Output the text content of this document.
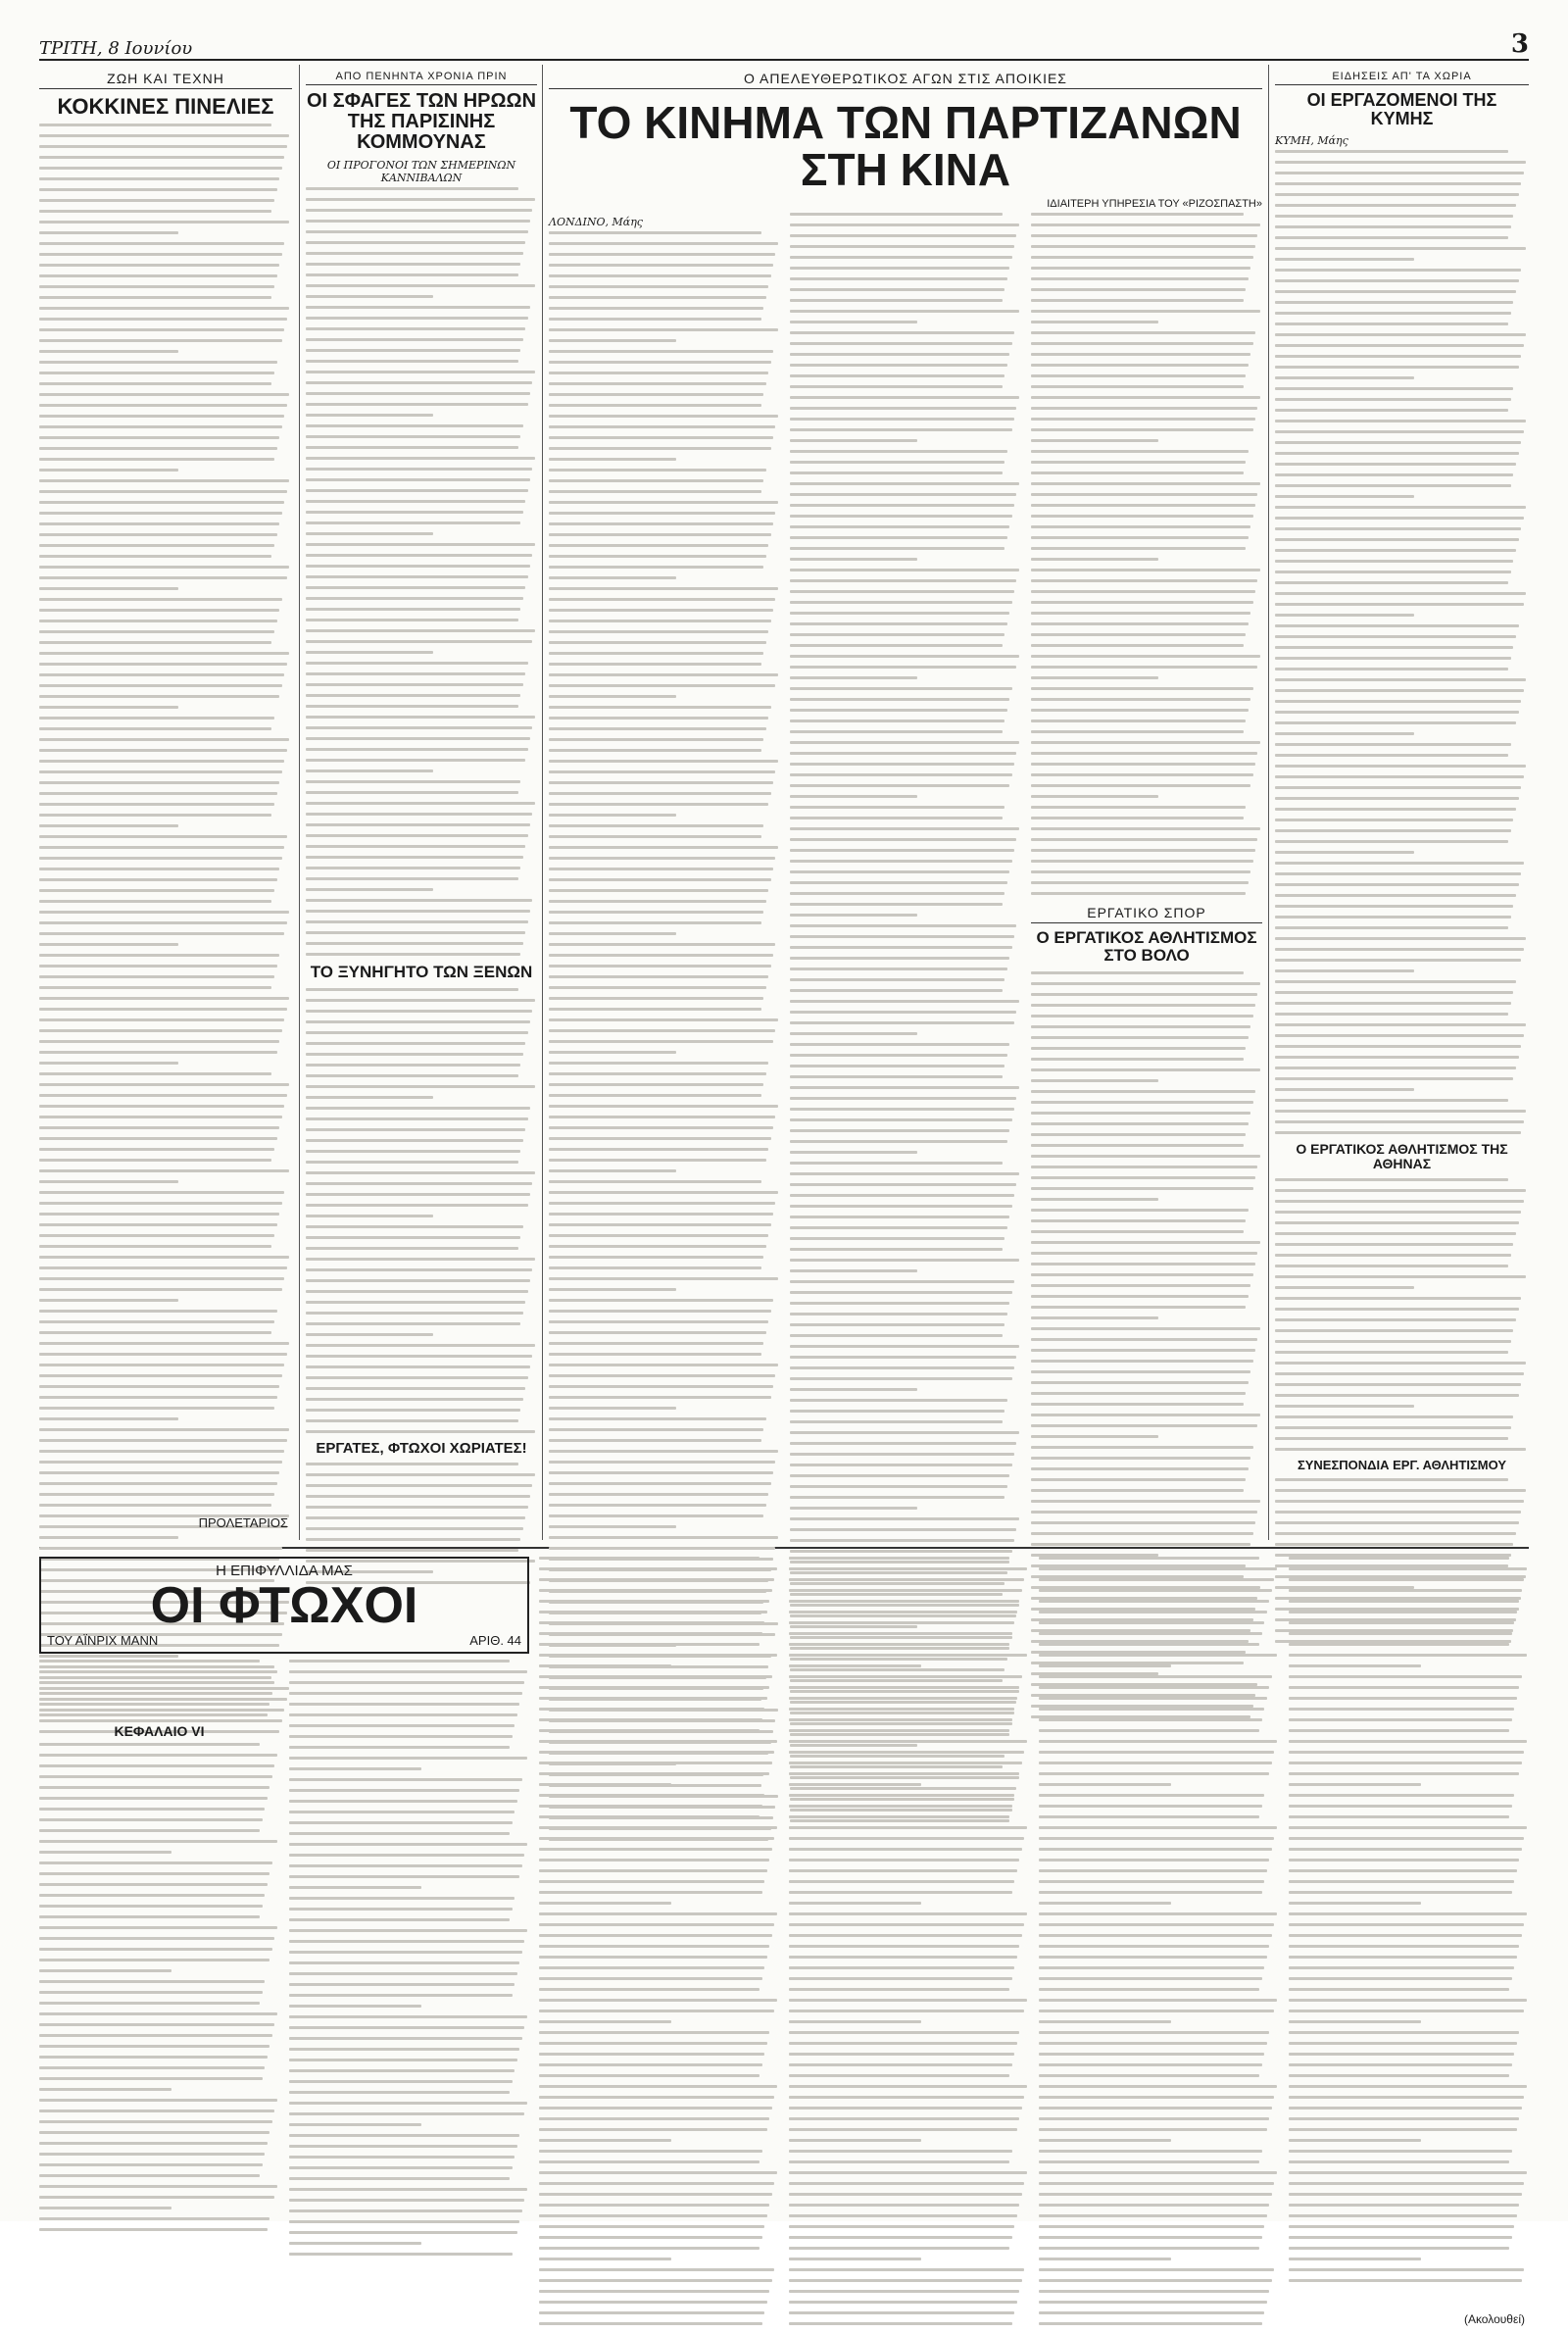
ΤΡΙΤΗ, 8 Ιουνίου	3
ΖΩΗ ΚΑΙ ΤΕΧΝΗ
ΚΟΚΚΙΝΕΣ ΠΙΝΕΛΙΕΣ
ΠΡΟΛΕΤΑΡΙΟΣ
ΑΠΟ ΠΕΝΗΝΤΑ ΧΡΟΝΙΑ ΠΡΙΝ
ΟΙ ΣΦΑΓΕΣ ΤΩΝ ΗΡΩΩΝ ΤΗΣ ΠΑΡΙΣΙΝΗΣ ΚΟΜΜΟΥΝΑΣ
ΟΙ ΠΡΟΓΟΝΟΙ ΤΩΝ ΣΗΜΕΡΙΝΩΝ ΚΑΝΝΙΒΑΛΩΝ
ΤΟ ΞΥΝΗΓΗΤΟ ΤΩΝ ΞΕΝΩΝ
ΕΡΓΑΤΕΣ, ΦΤΩΧΟΙ ΧΩΡΙΑΤΕΣ!
Ο ΑΠΕΛΕΥΘΕΡΩΤΙΚΟΣ ΑΓΩΝ ΣΤΙΣ ΑΠΟΙΚΙΕΣ
ΤΟ ΚΙΝΗΜΑ ΤΩΝ ΠΑΡΤΙΖΑΝΩΝ ΣΤΗ ΚΙΝΑ
ΙΔΙΑΙΤΕΡΗ ΥΠΗΡΕΣΙΑ ΤΟΥ «ΡΙΖΟΣΠΑΣΤΗ»
ΛΟΝΔΙΝΟ, Μάης
ΕΡΓΑΤΙΚΟ ΣΠΟΡ
Ο ΕΡΓΑΤΙΚΟΣ ΑΘΛΗΤΙΣΜΟΣ ΣΤΟ ΒΟΛΟ
ΕΙΔΗΣΕΙΣ ΑΠ' ΤΑ ΧΩΡΙΑ
ΟΙ ΕΡΓΑΖΟΜΕΝΟΙ ΤΗΣ ΚΥΜΗΣ
ΚΥΜΗ, Μάης
Ο ΕΡΓΑΤΙΚΟΣ ΑΘΛΗΤΙΣΜΟΣ ΤΗΣ ΑΘΗΝΑΣ
ΣΥΝΕΣΠΟΝΔΙΑ ΕΡΓ. ΑΘΛΗΤΙΣΜΟΥ
Η ΕΠΙΦΥΛΛΙΔΑ ΜΑΣ
ΟΙ ΦΤΩΧΟΙ
ΤΟΥ ΑΪΝΡΙΧ ΜΑΝΝ	ΑΡΙΘ. 44
ΚΕΦΑΛΑΙΟ VI
(Ακολουθεί)
